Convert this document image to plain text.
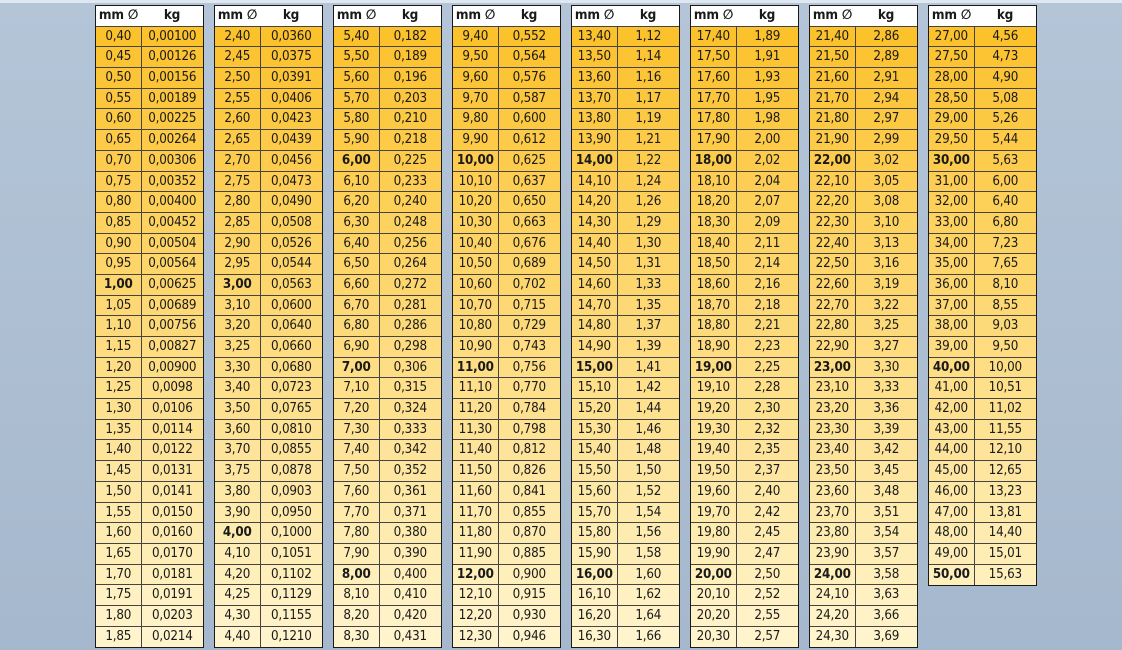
mm ∅	kg
0,40	0,00100
0,45	0,00126
0,50	0,00156
0,55	0,00189
0,60	0,00225
0,65	0,00264
0,70	0,00306
0,75	0,00352
0,80	0,00400
0,85	0,00452
0,90	0,00504
0,95	0,00564
1,00	0,00625
1,05	0,00689
1,10	0,00756
1,15	0,00827
1,20	0,00900
1,25	0,0098
1,30	0,0106
1,35	0,0114
1,40	0,0122
1,45	0,0131
1,50	0,0141
1,55	0,0150
1,60	0,0160
1,65	0,0170
1,70	0,0181
1,75	0,0191
1,80	0,0203
1,85	0,0214
mm ∅	kg
2,40	0,0360
2,45	0,0375
2,50	0,0391
2,55	0,0406
2,60	0,0423
2,65	0,0439
2,70	0,0456
2,75	0,0473
2,80	0,0490
2,85	0,0508
2,90	0,0526
2,95	0,0544
3,00	0,0563
3,10	0,0600
3,20	0,0640
3,25	0,0660
3,30	0,0680
3,40	0,0723
3,50	0,0765
3,60	0,0810
3,70	0,0855
3,75	0,0878
3,80	0,0903
3,90	0,0950
4,00	0,1000
4,10	0,1051
4,20	0,1102
4,25	0,1129
4,30	0,1155
4,40	0,1210
mm ∅	kg
5,40	0,182
5,50	0,189
5,60	0,196
5,70	0,203
5,80	0,210
5,90	0,218
6,00	0,225
6,10	0,233
6,20	0,240
6,30	0,248
6,40	0,256
6,50	0,264
6,60	0,272
6,70	0,281
6,80	0,286
6,90	0,298
7,00	0,306
7,10	0,315
7,20	0,324
7,30	0,333
7,40	0,342
7,50	0,352
7,60	0,361
7,70	0,371
7,80	0,380
7,90	0,390
8,00	0,400
8,10	0,410
8,20	0,420
8,30	0,431
mm ∅	kg
9,40	0,552
9,50	0,564
9,60	0,576
9,70	0,587
9,80	0,600
9,90	0,612
10,00	0,625
10,10	0,637
10,20	0,650
10,30	0,663
10,40	0,676
10,50	0,689
10,60	0,702
10,70	0,715
10,80	0,729
10,90	0,743
11,00	0,756
11,10	0,770
11,20	0,784
11,30	0,798
11,40	0,812
11,50	0,826
11,60	0,841
11,70	0,855
11,80	0,870
11,90	0,885
12,00	0,900
12,10	0,915
12,20	0,930
12,30	0,946
mm ∅	kg
13,40	1,12
13,50	1,14
13,60	1,16
13,70	1,17
13,80	1,19
13,90	1,21
14,00	1,22
14,10	1,24
14,20	1,26
14,30	1,29
14,40	1,30
14,50	1,31
14,60	1,33
14,70	1,35
14,80	1,37
14,90	1,39
15,00	1,41
15,10	1,42
15,20	1,44
15,30	1,46
15,40	1,48
15,50	1,50
15,60	1,52
15,70	1,54
15,80	1,56
15,90	1,58
16,00	1,60
16,10	1,62
16,20	1,64
16,30	1,66
mm ∅	kg
17,40	1,89
17,50	1,91
17,60	1,93
17,70	1,95
17,80	1,98
17,90	2,00
18,00	2,02
18,10	2,04
18,20	2,07
18,30	2,09
18,40	2,11
18,50	2,14
18,60	2,16
18,70	2,18
18,80	2,21
18,90	2,23
19,00	2,25
19,10	2,28
19,20	2,30
19,30	2,32
19,40	2,35
19,50	2,37
19,60	2,40
19,70	2,42
19,80	2,45
19,90	2,47
20,00	2,50
20,10	2,52
20,20	2,55
20,30	2,57
mm ∅	kg
21,40	2,86
21,50	2,89
21,60	2,91
21,70	2,94
21,80	2,97
21,90	2,99
22,00	3,02
22,10	3,05
22,20	3,08
22,30	3,10
22,40	3,13
22,50	3,16
22,60	3,19
22,70	3,22
22,80	3,25
22,90	3,27
23,00	3,30
23,10	3,33
23,20	3,36
23,30	3,39
23,40	3,42
23,50	3,45
23,60	3,48
23,70	3,51
23,80	3,54
23,90	3,57
24,00	3,58
24,10	3,63
24,20	3,66
24,30	3,69
mm ∅	kg
27,00	4,56
27,50	4,73
28,00	4,90
28,50	5,08
29,00	5,26
29,50	5,44
30,00	5,63
31,00	6,00
32,00	6,40
33,00	6,80
34,00	7,23
35,00	7,65
36,00	8,10
37,00	8,55
38,00	9,03
39,00	9,50
40,00	10,00
41,00	10,51
42,00	11,02
43,00	11,55
44,00	12,10
45,00	12,65
46,00	13,23
47,00	13,81
48,00	14,40
49,00	15,01
50,00	15,63
